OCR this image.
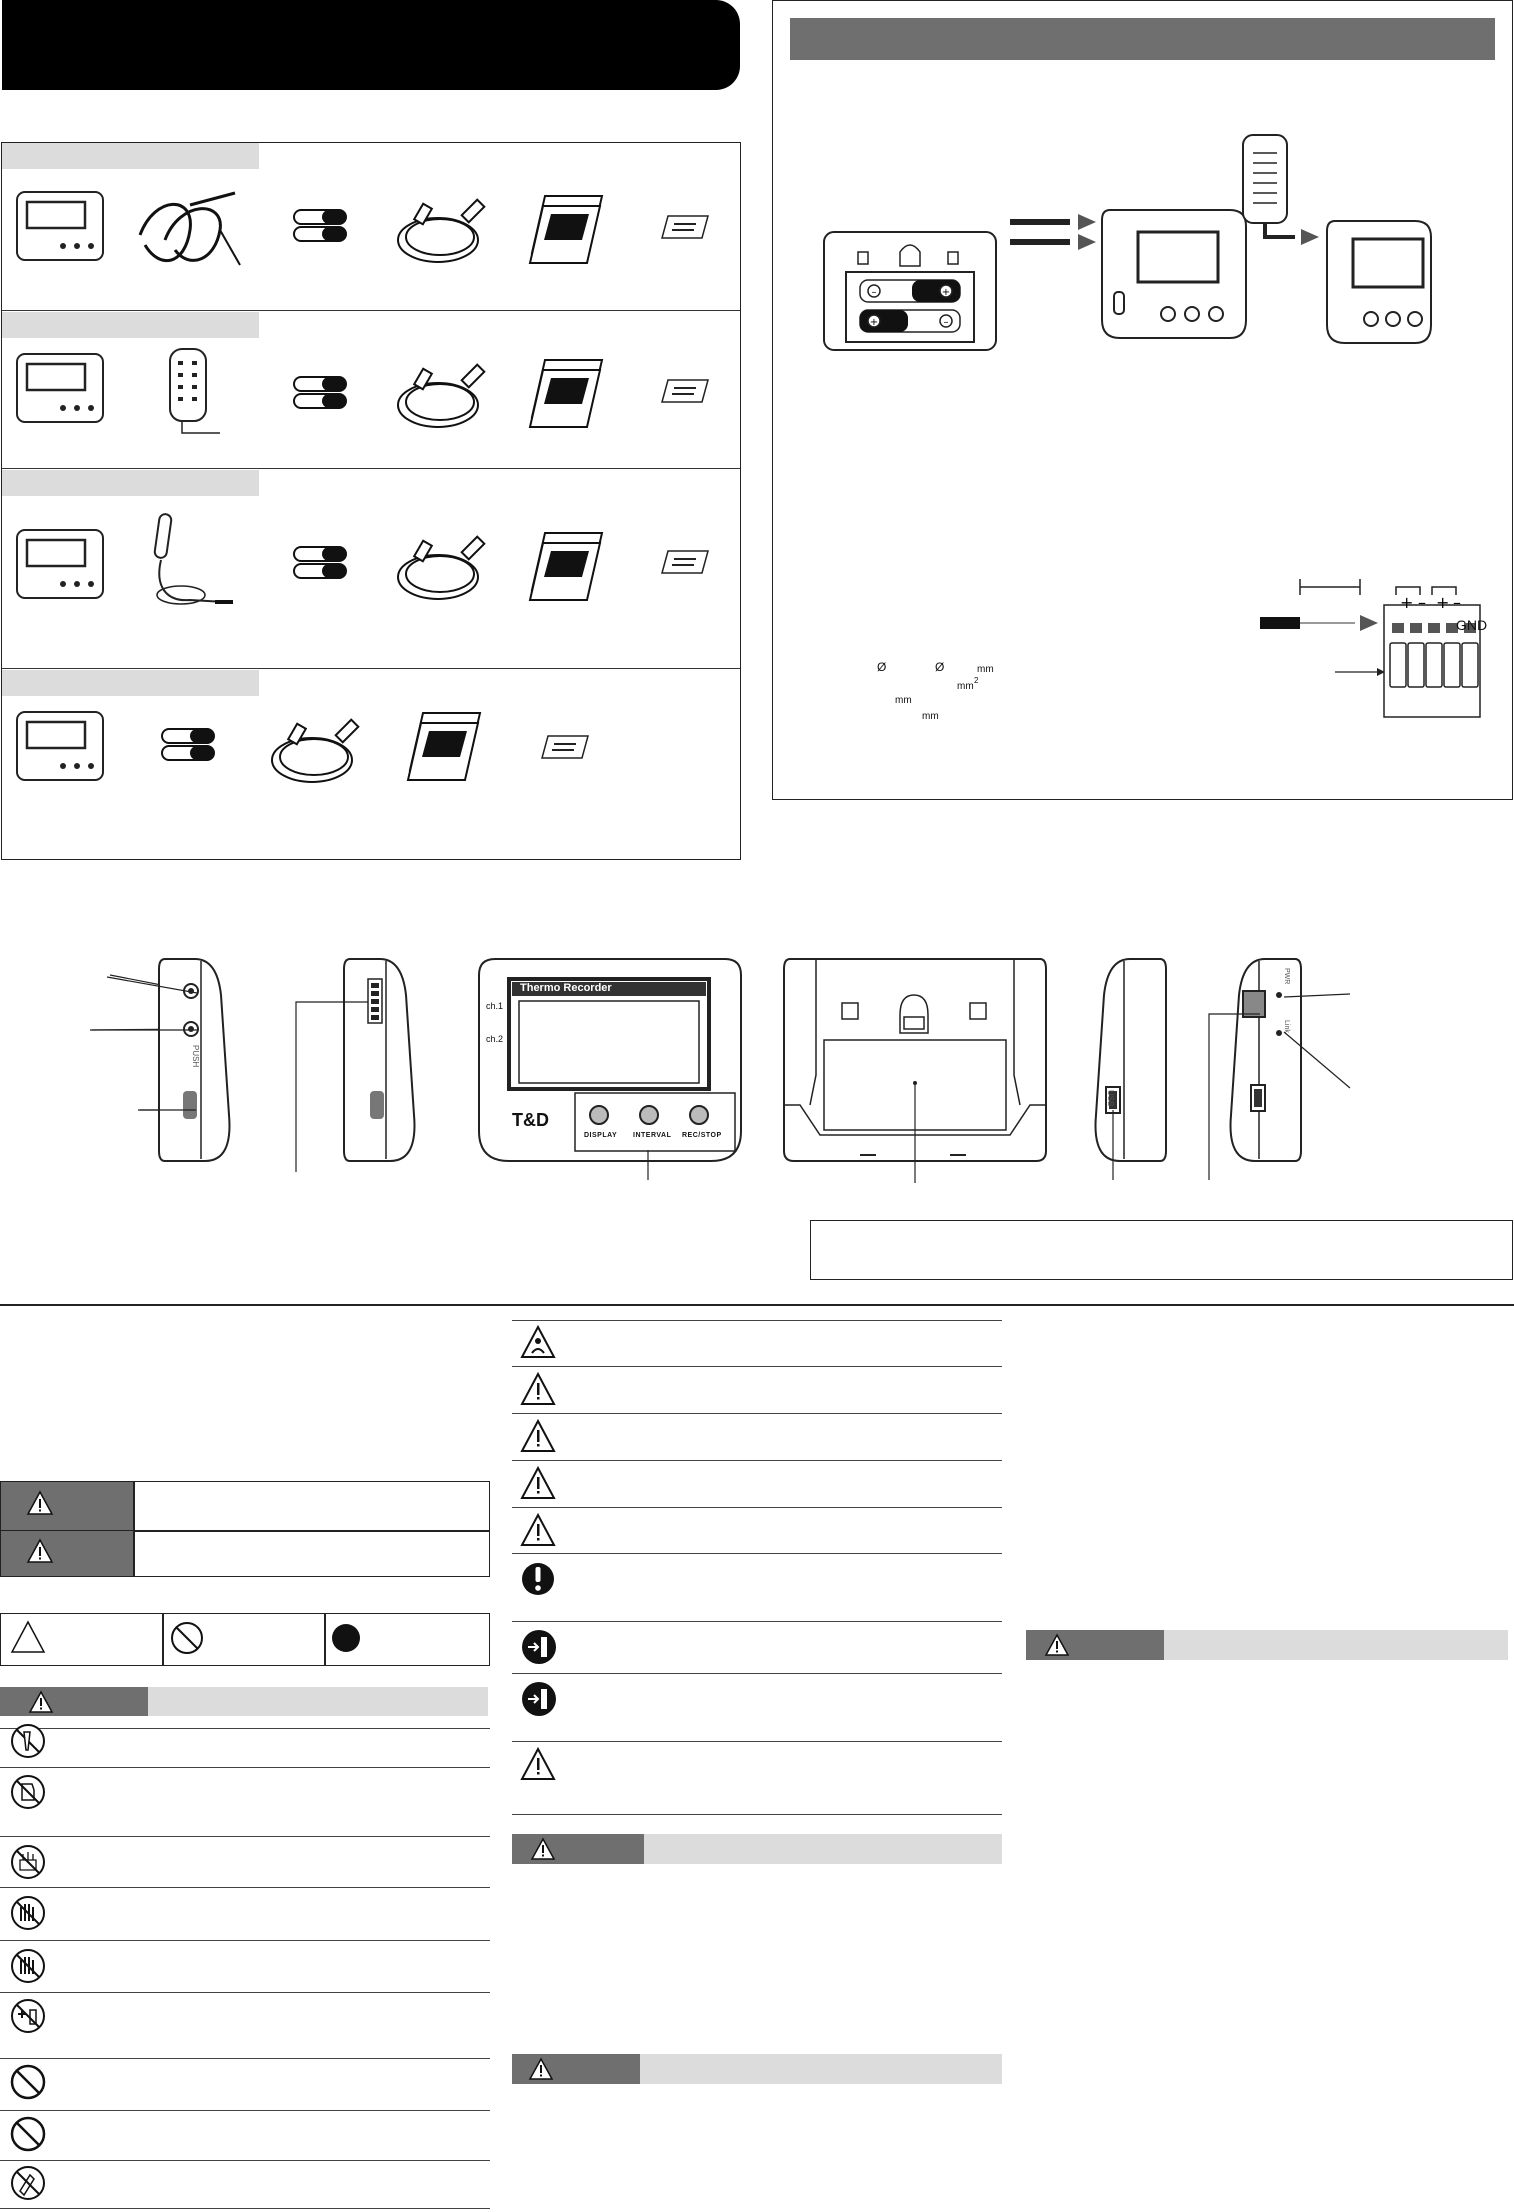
–	+
+	–
+ – + –
GND
Ø	Ø	mm
mm
2
mm
mm
PUSH
Thermo Recorder
ch.1
ch.2
T&D
DISPLAY INTERVAL REC/STOP
USB
PWR
Link
